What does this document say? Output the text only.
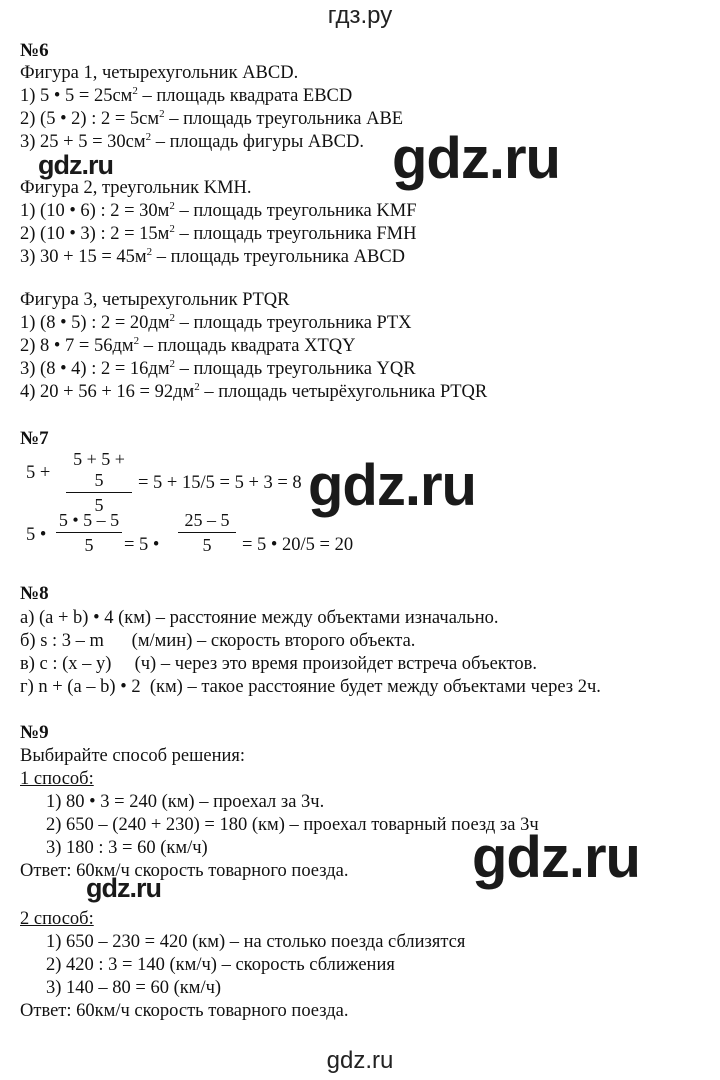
гдз.ру
№6
Фигура 1, четырехугольник ABCD.
1) 5 • $5 = 25см^2$ – площадь квадрата EBCD
2) (5 • 2) : $2 = 5см^2$ – площадь треугольника ABE
3) $25 + 5 = 30см^2$ – площадь фигуры ABCD.
Фигура 2, треугольник KMH.
1) (10 • 6) : $2 = 30м^2$ – площадь треугольника KMF
2) (10 • 3) : $2 = 15м^2$ – площадь треугольника FMH
3) $30 + 15 = 45м^2$ – площадь треугольника ABCD
Фигура 3, четырехугольник PTQR
1) (8 • 5) : $2 = 20дм^2$ – площадь треугольника PTX
2) 8 • $7 = 56дм^2$ – площадь квадрата XTQY
3) (8 • 4) : $2 = 16дм^2$ – площадь треугольника YQR
4) $20 + 56 + 16 = 92дм^2$ – площадь четырёхугольника PTQR
№7
5 +
5 + 5 + 5
5
= 5 + 15/5 = 5 + 3 = 8
5 •
5 • 5 – 5
5	= 5 •
25 – 5
5	= 5 • 20/5 = 20
№8
а) (a + b) • 4 (км) – расстояние между объектами изначально.
б) s : 3 – m      (м/мин) – скорость второго объекта.
в) c : (x – y)     (ч) – через это время произойдет встреча объектов.
г) n + (a – b) • 2  (км) – такое расстояние будет между объектами через 2ч.
№9
Выбирайте способ решения:
1 способ:
1) 80 • 3 = 240 (км) – проехал за 3ч.
2) 650 – (240 + 230) = 180 (км) – проехал товарный поезд за 3ч
3) 180 : 3 = 60 (км/ч)
Ответ: 60км/ч скорость товарного поезда.
2 способ:
1) 650 – 230 = 420 (км) – на столько поезда сблизятся
2) 420 : 3 = 140 (км/ч) – скорость сближения
3) 140 – 80 = 60 (км/ч)
Ответ: 60км/ч скорость товарного поезда.
gdz.ru	gdz.ru
gdz.ru
gdz.ru
gdz.ru
gdz.ru
